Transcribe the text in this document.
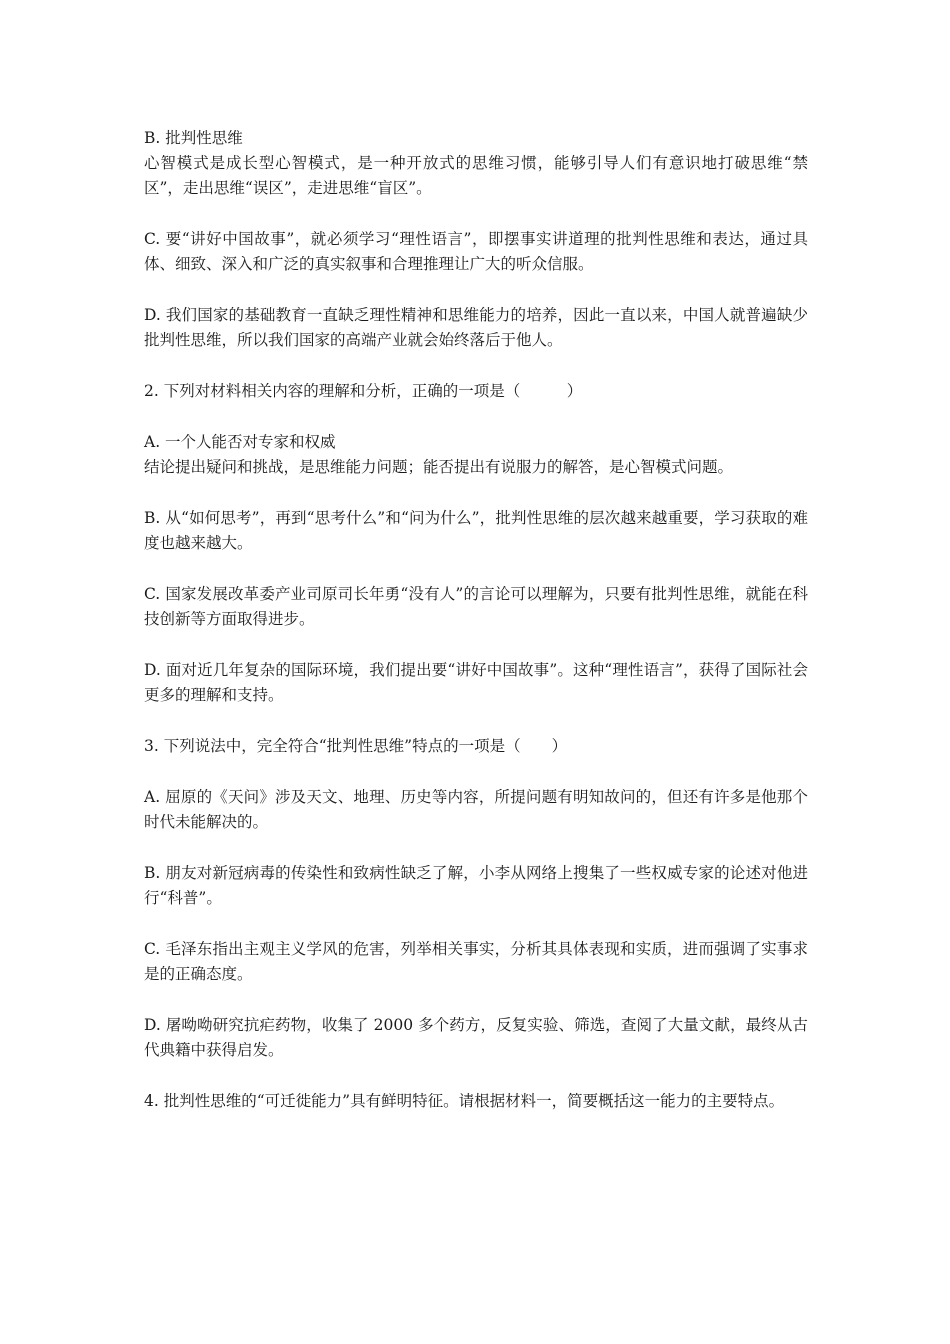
B. 批判性思维
心智模式是成长型心智模式，是一种开放式的思维习惯，能够引导人们有意识地打破思维“禁区”，走出思维“误区”，走进思维“盲区”。

C. 要“讲好中国故事”，就必须学习“理性语言”，即摆事实讲道理的批判性思维和表达，通过具体、细致、深入和广泛的真实叙事和合理推理让广大的听众信服。

D. 我们国家的基础教育一直缺乏理性精神和思维能力的培养，因此一直以来，中国人就普遍缺少批判性思维，所以我们国家的高端产业就会始终落后于他人。

2. 下列对材料相关内容的理解和分析，正确的一项是（　　　）

A. 一个人能否对专家和权威
结论提出疑问和挑战，是思维能力问题；能否提出有说服力的解答，是心智模式问题。

B. 从“如何思考”，再到“思考什么”和“问为什么”，批判性思维的层次越来越重要，学习获取的难度也越来越大。

C. 国家发展改革委产业司原司长年勇“没有人”的言论可以理解为，只要有批判性思维，就能在科技创新等方面取得进步。

D. 面对近几年复杂的国际环境，我们提出要“讲好中国故事”。这种“理性语言”，获得了国际社会更多的理解和支持。

3. 下列说法中，完全符合“批判性思维”特点的一项是（　　）

A. 屈原的《天问》涉及天文、地理、历史等内容，所提问题有明知故问的，但还有许多是他那个时代未能解决的。

B. 朋友对新冠病毒的传染性和致病性缺乏了解，小李从网络上搜集了一些权威专家的论述对他进行“科普”。

C. 毛泽东指出主观主义学风的危害，列举相关事实，分析其具体表现和实质，进而强调了实事求是的正确态度。

D. 屠呦呦研究抗疟药物，收集了 2000 多个药方，反复实验、筛选，查阅了大量文献，最终从古代典籍中获得启发。

4. 批判性思维的“可迁徙能力”具有鲜明特征。请根据材料一，简要概括这一能力的主要特点。
